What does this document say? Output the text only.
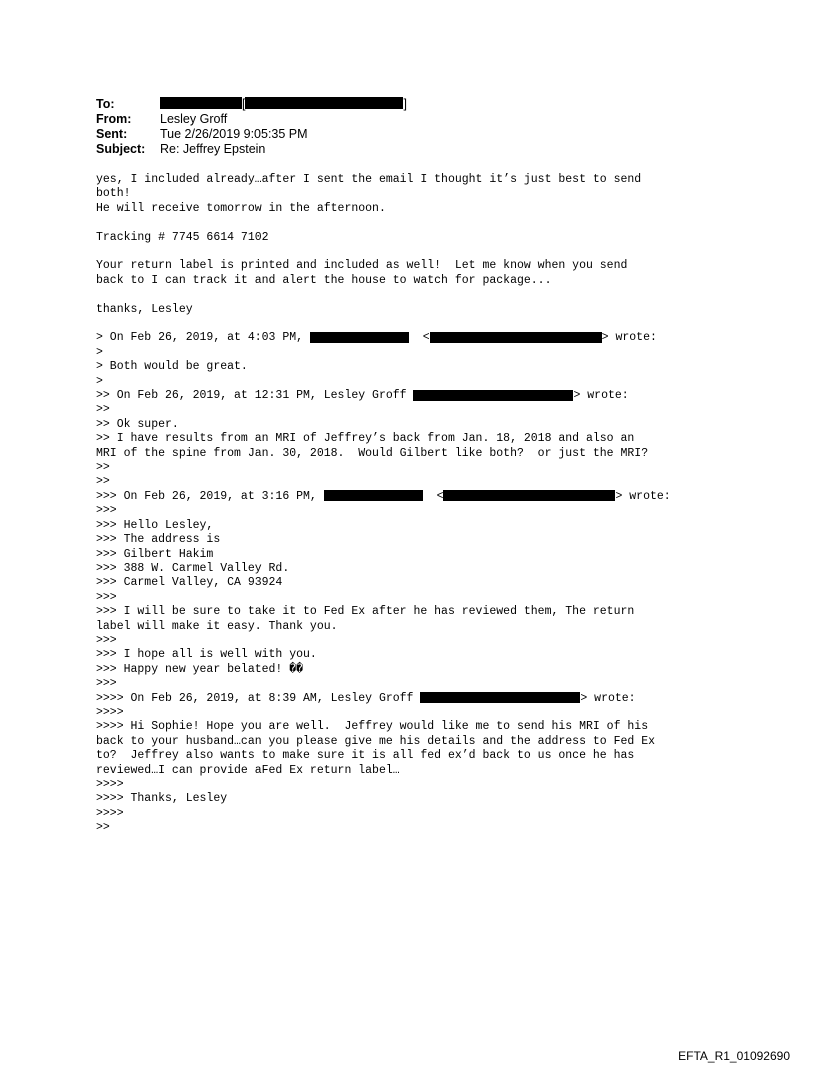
To:	[	]
From:	Lesley Groff
Sent:	Tue 2/26/2019 9:05:35 PM
Subject:	Re: Jeffrey Epstein
yes, I included already…after I sent the email I thought it’s just best to send
both!
He will receive tomorrow in the afternoon.
Tracking # 7745 6614 7102
Your return label is printed and included as well!  Let me know when you send
back to I can track it and alert the house to watch for package...
thanks, Lesley
> On Feb 26, 2019, at 4:03 PM,	<	> wrote:
>
> Both would be great.
>
>> On Feb 26, 2019, at 12:31 PM, Lesley Groff	> wrote:
>>
>> Ok super.
>> I have results from an MRI of Jeffrey’s back from Jan. 18, 2018 and also an
MRI of the spine from Jan. 30, 2018.  Would Gilbert like both?  or just the MRI?
>>
>>
>>> On Feb 26, 2019, at 3:16 PM,	<	> wrote:
>>>
>>> Hello Lesley,
>>> The address is
>>> Gilbert Hakim
>>> 388 W. Carmel Valley Rd.
>>> Carmel Valley, CA 93924
>>>
>>> I will be sure to take it to Fed Ex after he has reviewed them, The return
label will make it easy. Thank you.
>>>
>>> I hope all is well with you.
>>> Happy new year belated! ��
>>>
>>>> On Feb 26, 2019, at 8:39 AM, Lesley Groff	> wrote:
>>>>
>>>> Hi Sophie! Hope you are well.  Jeffrey would like me to send his MRI of his
back to your husband…can you please give me his details and the address to Fed Ex
to?  Jeffrey also wants to make sure it is all fed ex’d back to us once he has
reviewed…I can provide aFed Ex return label…
>>>>
>>>> Thanks, Lesley
>>>>
>>
EFTA_R1_01092690
